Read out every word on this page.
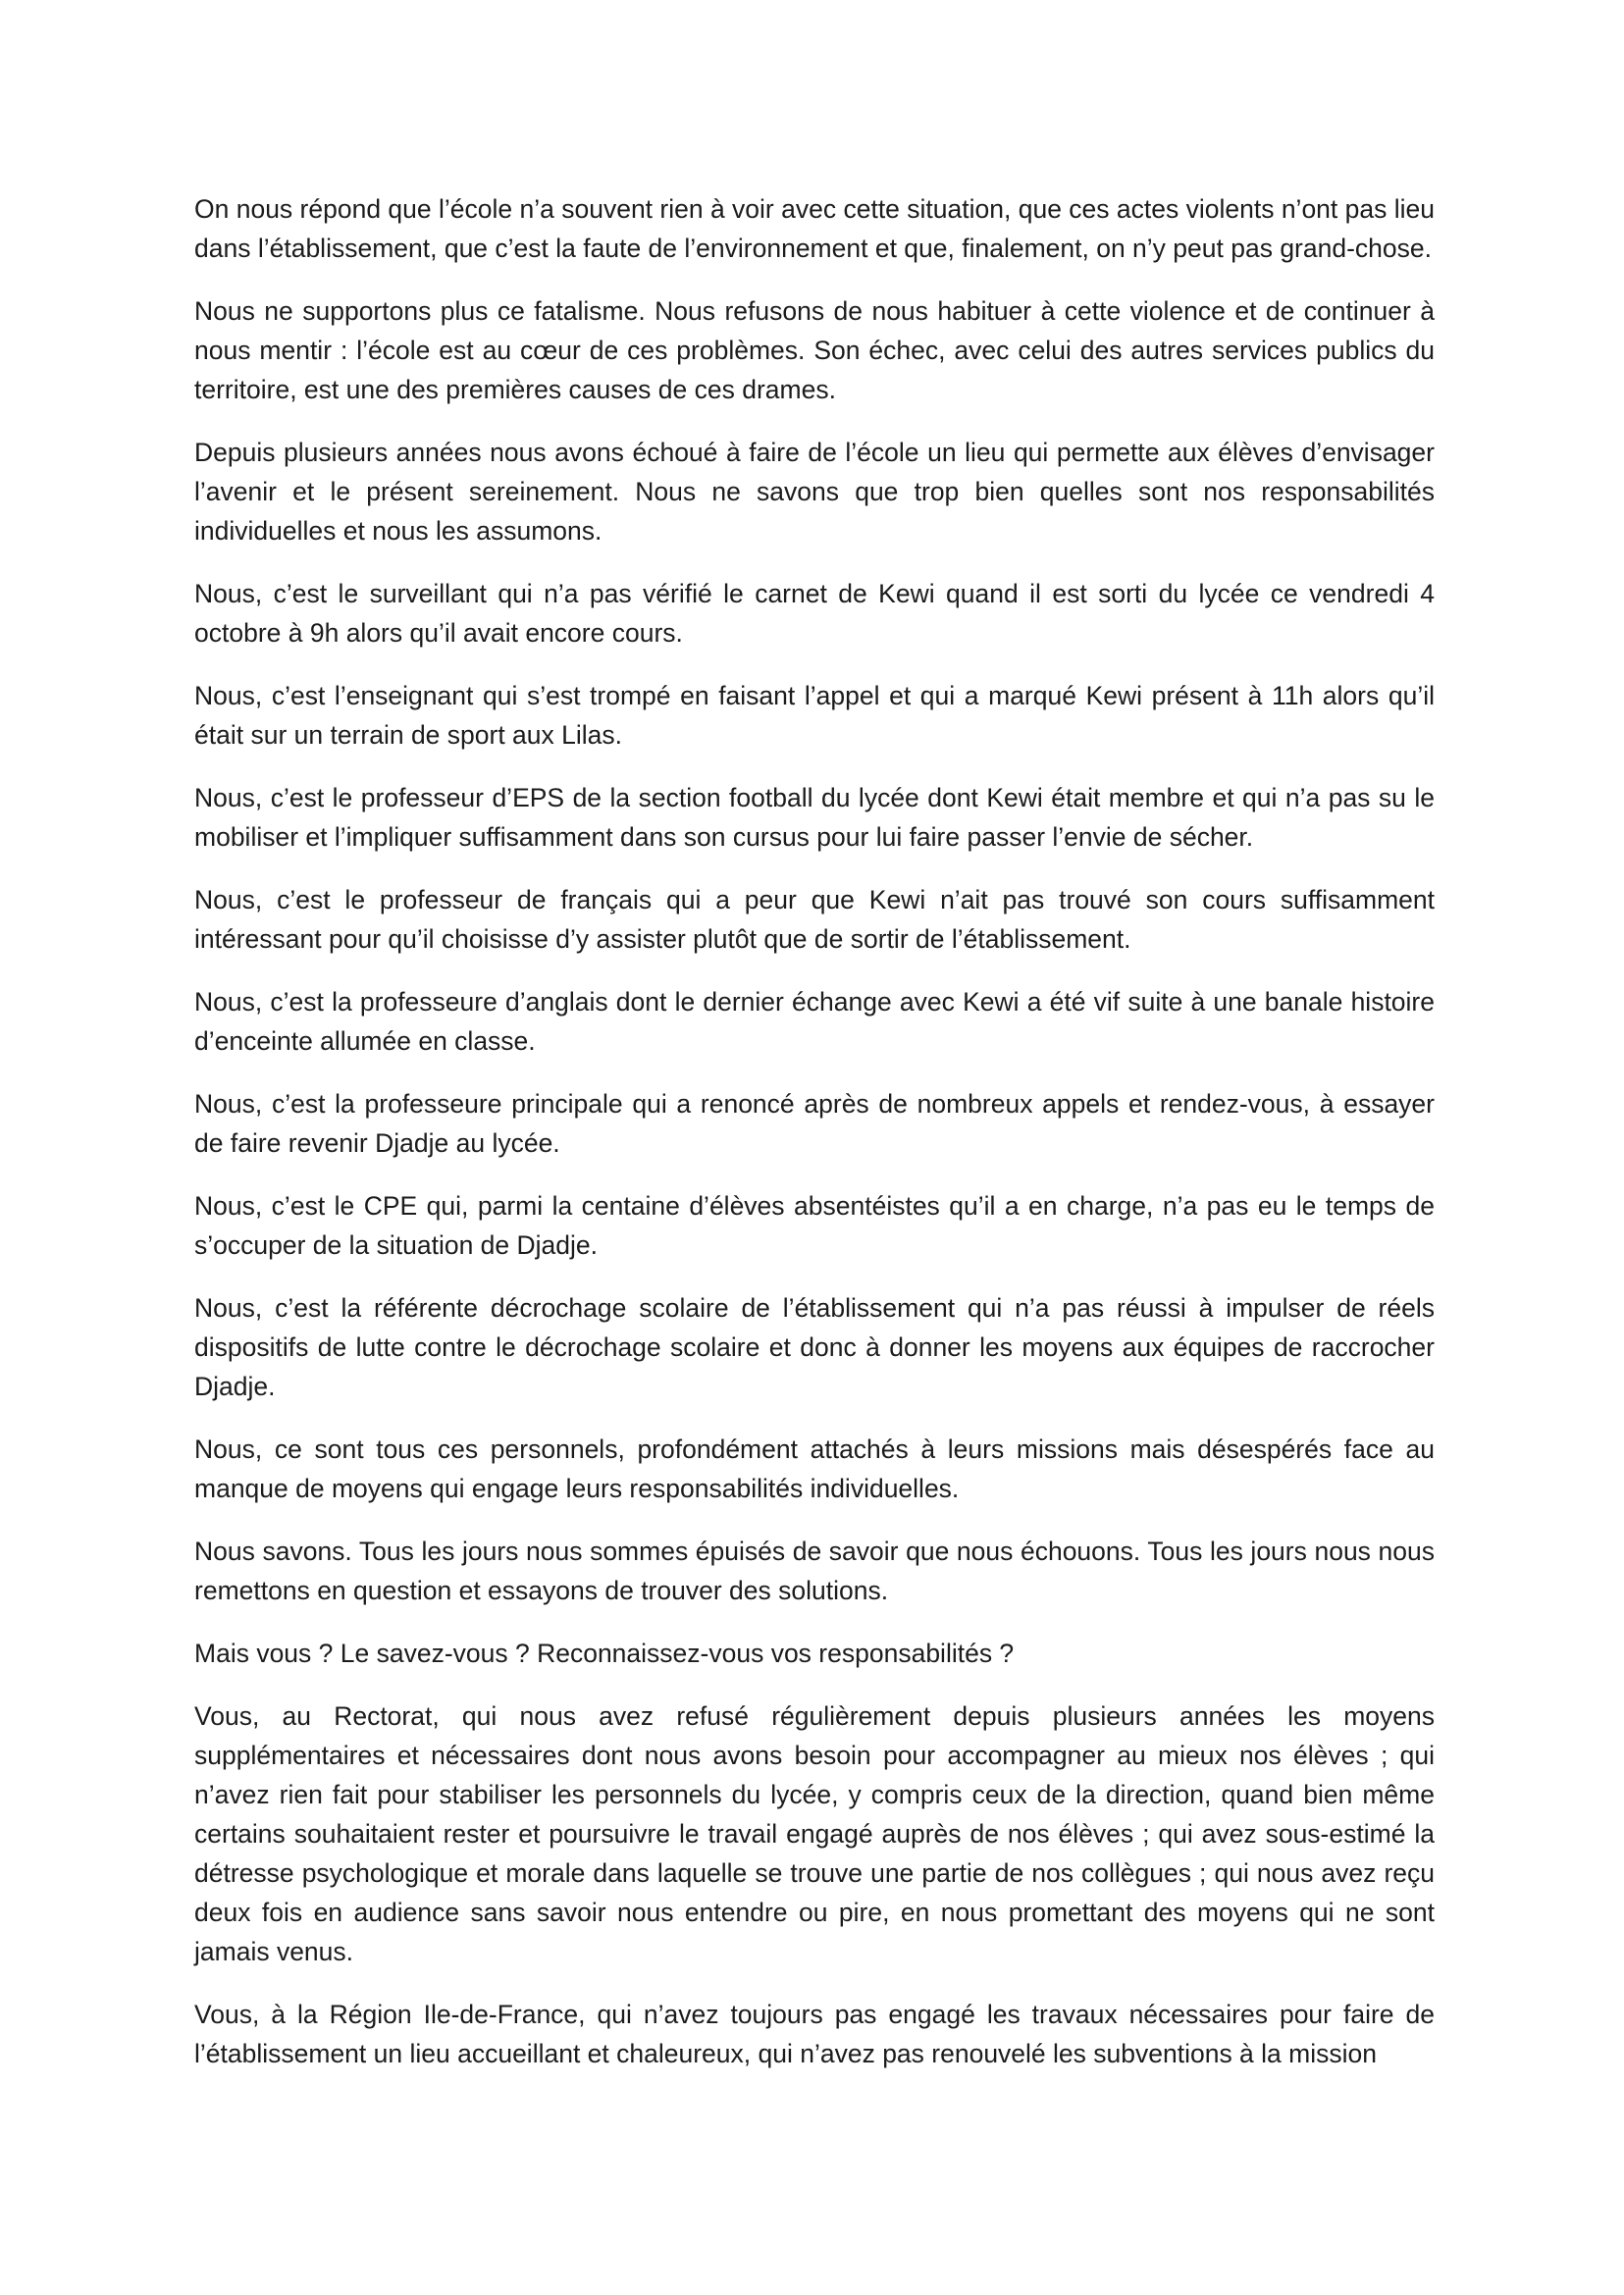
On nous répond que l’école n’a souvent rien à voir avec cette situation, que ces actes violents n’ont pas lieu dans l’établissement, que c’est la faute de l’environnement et que, finalement, on n’y peut pas grand-chose.

Nous ne supportons plus ce fatalisme. Nous refusons de nous habituer à cette violence et de continuer à nous mentir : l’école est au cœur de ces problèmes. Son échec, avec celui des autres services publics du territoire, est une des premières causes de ces drames.

Depuis plusieurs années nous avons échoué à faire de l’école un lieu qui permette aux élèves d’envisager l’avenir et le présent sereinement. Nous ne savons que trop bien quelles sont nos responsabilités individuelles et nous les assumons.

Nous, c’est le surveillant qui n’a pas vérifié le carnet de Kewi quand il est sorti du lycée ce vendredi 4 octobre à 9h alors qu’il avait encore cours.

Nous, c’est l’enseignant qui s’est trompé en faisant l’appel et qui a marqué Kewi présent à 11h alors qu’il était sur un terrain de sport aux Lilas.

Nous, c’est le professeur d’EPS de la section football du lycée dont Kewi était membre et qui n’a pas su le mobiliser et l’impliquer suffisamment dans son cursus pour lui faire passer l’envie de sécher.

Nous, c’est le professeur de français qui a peur que Kewi n’ait pas trouvé son cours suffisamment intéressant pour qu’il choisisse d’y assister plutôt que de sortir de l’établissement.

Nous, c’est la professeure d’anglais dont le dernier échange avec Kewi a été vif suite à une banale histoire d’enceinte allumée en classe.

Nous, c’est la professeure principale qui a renoncé après de nombreux appels et rendez-vous, à essayer de faire revenir Djadje au lycée.

Nous, c’est le CPE qui, parmi la centaine d’élèves absentéistes qu’il a en charge, n’a pas eu le temps de s’occuper de la situation de Djadje.

Nous, c’est la référente décrochage scolaire de l’établissement qui n’a pas réussi à impulser de réels dispositifs de lutte contre le décrochage scolaire et donc à donner les moyens aux équipes de raccrocher Djadje.

Nous, ce sont tous ces personnels, profondément attachés à leurs missions mais désespérés face au manque de moyens qui engage leurs responsabilités individuelles.

Nous savons. Tous les jours nous sommes épuisés de savoir que nous échouons. Tous les jours nous nous remettons en question et essayons de trouver des solutions.

Mais vous ? Le savez-vous ? Reconnaissez-vous vos responsabilités ?

Vous, au Rectorat, qui nous avez refusé régulièrement depuis plusieurs années les moyens supplémentaires et nécessaires dont nous avons besoin pour accompagner au mieux nos élèves ; qui n’avez rien fait pour stabiliser les personnels du lycée, y compris ceux de la direction, quand bien même certains souhaitaient rester et poursuivre le travail engagé auprès de nos élèves ; qui avez sous-estimé la détresse psychologique et morale dans laquelle se trouve une partie de nos collègues ; qui nous avez reçu deux fois en audience sans savoir nous entendre ou pire, en nous promettant des moyens qui ne sont jamais venus.

Vous, à la Région Ile-de-France, qui n’avez toujours pas engagé les travaux nécessaires pour faire de l’établissement un lieu accueillant et chaleureux, qui n’avez pas renouvelé les subventions à la mission
